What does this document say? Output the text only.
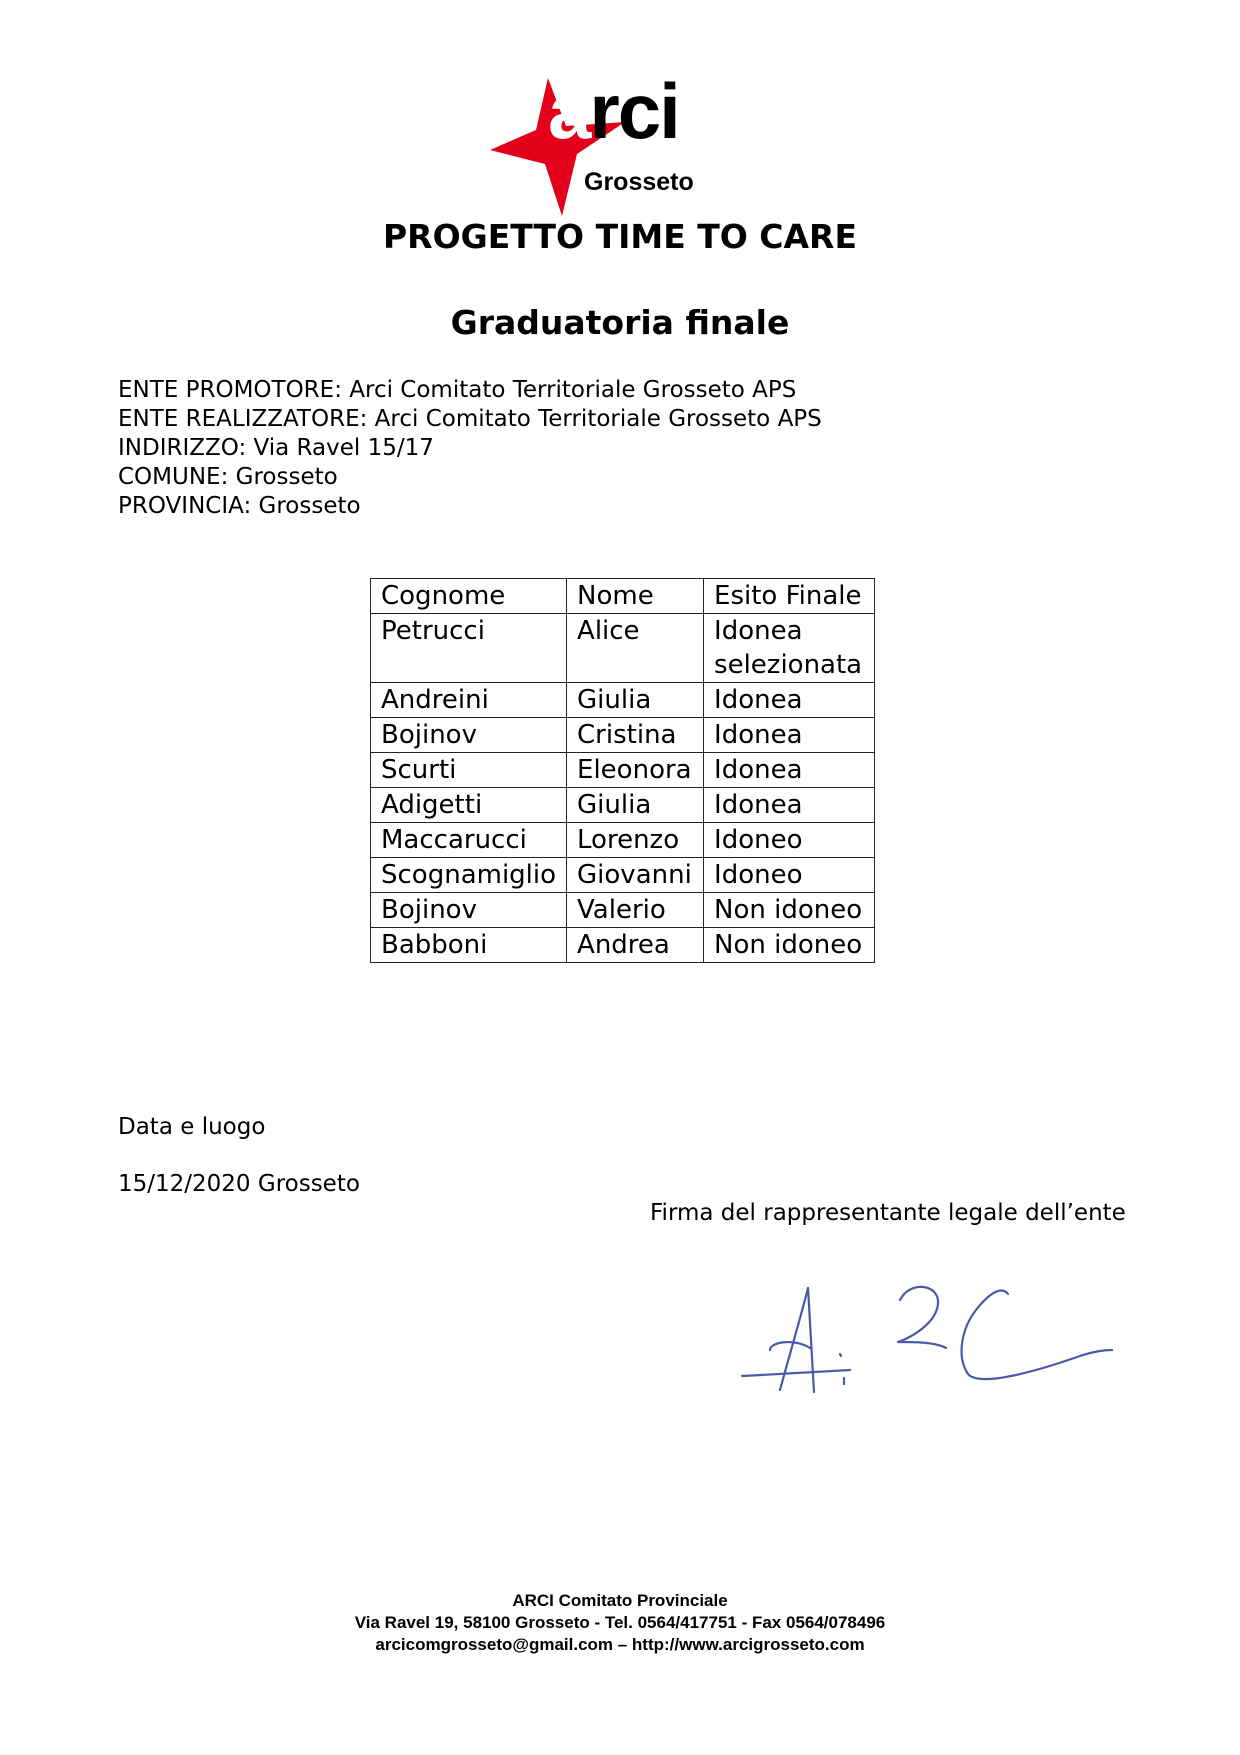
arci
Grosseto
PROGETTO TIME TO CARE
Graduatoria finale
ENTE PROMOTORE: Arci Comitato Territoriale Grosseto APS
ENTE REALIZZATORE: Arci Comitato Territoriale Grosseto APS
INDIRIZZO: Via Ravel 15/17
COMUNE: Grosseto
PROVINCIA: Grosseto
Cognome	Nome	Esito Finale
Petrucci	Alice	Idonea selezionata
Andreini	Giulia	Idonea
Bojinov	Cristina	Idonea
Scurti	Eleonora	Idonea
Adigetti	Giulia	Idonea
Maccarucci	Lorenzo	Idoneo
Scognamiglio	Giovanni	Idoneo
Bojinov	Valerio	Non idoneo
Babboni	Andrea	Non idoneo
Data e luogo
15/12/2020 Grosseto
Firma del rappresentante legale dell’ente
ARCI Comitato Provinciale
Via Ravel 19, 58100 Grosseto - Tel. 0564/417751 - Fax 0564/078496
arcicomgrosseto@gmail.com – http://www.arcigrosseto.com
